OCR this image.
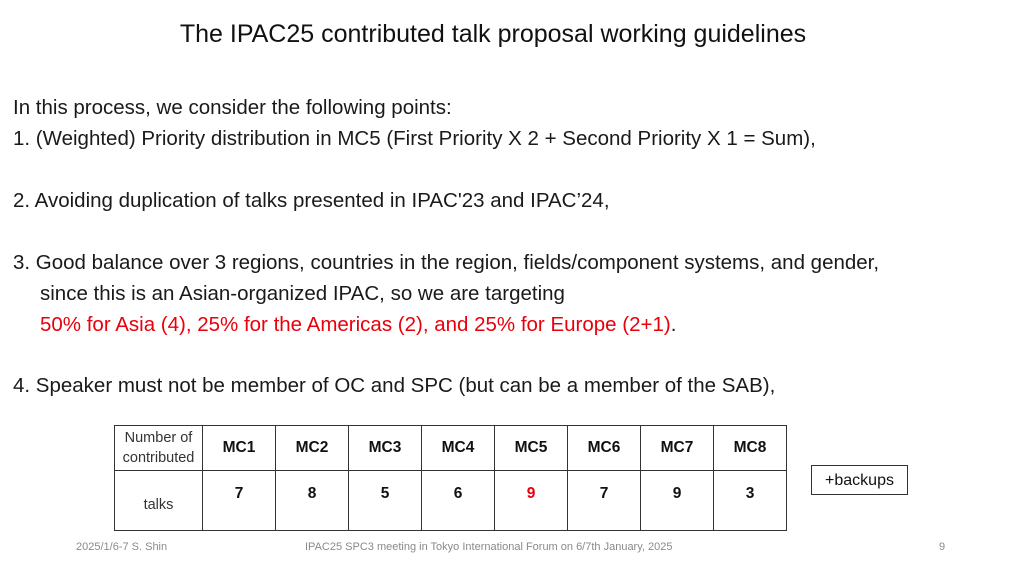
The IPAC25 contributed talk proposal working guidelines
In this process, we consider the following points:
1. (Weighted) Priority distribution in MC5 (First Priority X 2 + Second Priority X 1 = Sum),
2. Avoiding duplication of talks presented in IPAC'23 and IPAC’24,
3. Good balance over 3 regions, countries in the region, fields/component systems, and gender,
since this is an Asian-organized IPAC, so we are targeting
50% for Asia (4), 25% for the Americas (2), and 25% for Europe (2+1).
4. Speaker must not be member of OC and SPC (but can be a member of the SAB),
Number of
contributed	MC1	MC2	MC3	MC4	MC5	MC6	MC7	MC8
talks	7	8	5	6	9	7	9	3
+backups
2025/1/6-7 S. Shin	IPAC25 SPC3 meeting in Tokyo International Forum on 6/7th January, 2025	9
